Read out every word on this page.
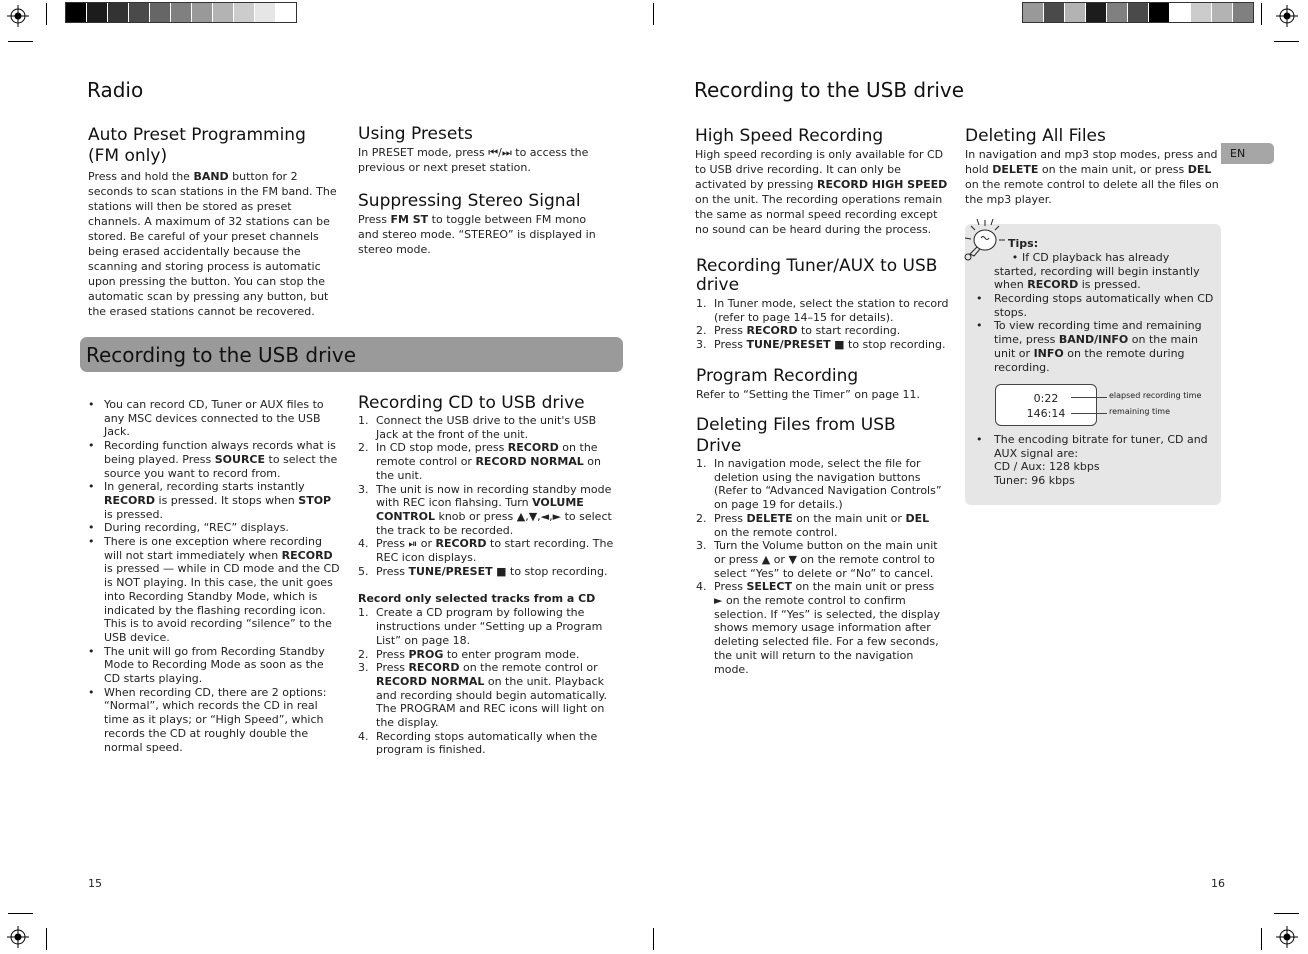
Radio
Auto Preset Programming (FM only)

Press and hold the BAND button for 2 seconds to scan stations in the FM band. The stations will then be stored as preset channels. A maximum of 32 stations can be stored. Be careful of your preset channels being erased accidentally because the scanning and storing process is automatic upon pressing the button. You can stop the automatic scan by pressing any button, but the erased stations cannot be recovered.

Using Presets

In PRESET mode, press ⏮/⏭ to access the previous or next preset station.

Suppressing Stereo Signal

Press FM ST to toggle between FM mono and stereo mode. “STEREO” is displayed in stereo mode.

Recording to the USB drive
• You can record CD, Tuner or AUX files to any MSC devices connected to the USB Jack.
• Recording function always records what is being played. Press SOURCE to select the source you want to record from.
• In general, recording starts instantly RECORD is pressed. It stops when STOP is pressed.
• During recording, “REC” displays.
• There is one exception where recording will not start immediately when RECORD is pressed — while in CD mode and the CD is NOT playing. In this case, the unit goes into Recording Standby Mode, which is indicated by the flashing recording icon. This is to avoid recording “silence” to the USB device.
• The unit will go from Recording Standby Mode to Recording Mode as soon as the CD starts playing.
• When recording CD, there are 2 options: “Normal”, which records the CD in real time as it plays; or “High Speed”, which records the CD at roughly double the normal speed.
Recording CD to USB drive
1. Connect the USB drive to the unit's USB Jack at the front of the unit.
2. In CD stop mode, press RECORD on the remote control or RECORD NORMAL on the unit.
3. The unit is now in recording standby mode with REC icon flahsing. Turn VOLUME CONTROL knob or press ▲,▼,◄,► to select the track to be recorded.
4. Press ⏯ or RECORD to start recording. The REC icon displays.
5. Press TUNE/PRESET ■ to stop recording.

Record only selected tracks from a CD

1. Create a CD program by following the instructions under “Setting up a Program List” on page 18.
2. Press PROG to enter program mode.
3. Press RECORD on the remote control or RECORD NORMAL on the unit. Playback and recording should begin automatically. The PROGRAM and REC icons will light on the display.
4. Recording stops automatically when the program is finished.
15
Recording to the USB drive
High Speed Recording

High speed recording is only available for CD to USB drive recording. It can only be activated by pressing RECORD HIGH SPEED on the unit. The recording operations remain the same as normal speed recording except no sound can be heard during the process.

Recording Tuner/AUX to USB drive
1. In Tuner mode, select the station to record (refer to page 14–15 for details).
2. Press RECORD to start recording.
3. Press TUNE/PRESET ■ to stop recording.
Program Recording

Refer to “Setting the Timer” on page 11.

Deleting Files from USB Drive
1. In navigation mode, select the file for deletion using the navigation buttons (Refer to “Advanced Navigation Controls” on page 19 for details.)
2. Press DELETE on the main unit or DEL on the remote control.
3. Turn the Volume button on the main unit or press ▲ or ▼ on the remote control to select “Yes” to delete or “No” to cancel.
4. Press SELECT on the main unit or press ► on the remote control to confirm selection. If “Yes” is selected, the display shows memory usage information after deleting selected file. For a few seconds, the unit will return to the navigation mode.
Deleting All Files

In navigation and mp3 stop modes, press and hold DELETE on the main unit, or press DEL on the remote control to delete all the files on the mp3 player.

EN
Tips:
• If CD playback has already started, recording will begin instantly when RECORD is pressed.
• Recording stops automatically when CD stops.
• To view recording time and remaining time, press BAND/INFO on the main unit or INFO on the remote during recording.
0:22
146:14
elapsed recording time
remaining time
• The encoding bitrate for tuner, CD and AUX signal are:
CD / Aux: 128 kbps
Tuner: 96 kbps
16
